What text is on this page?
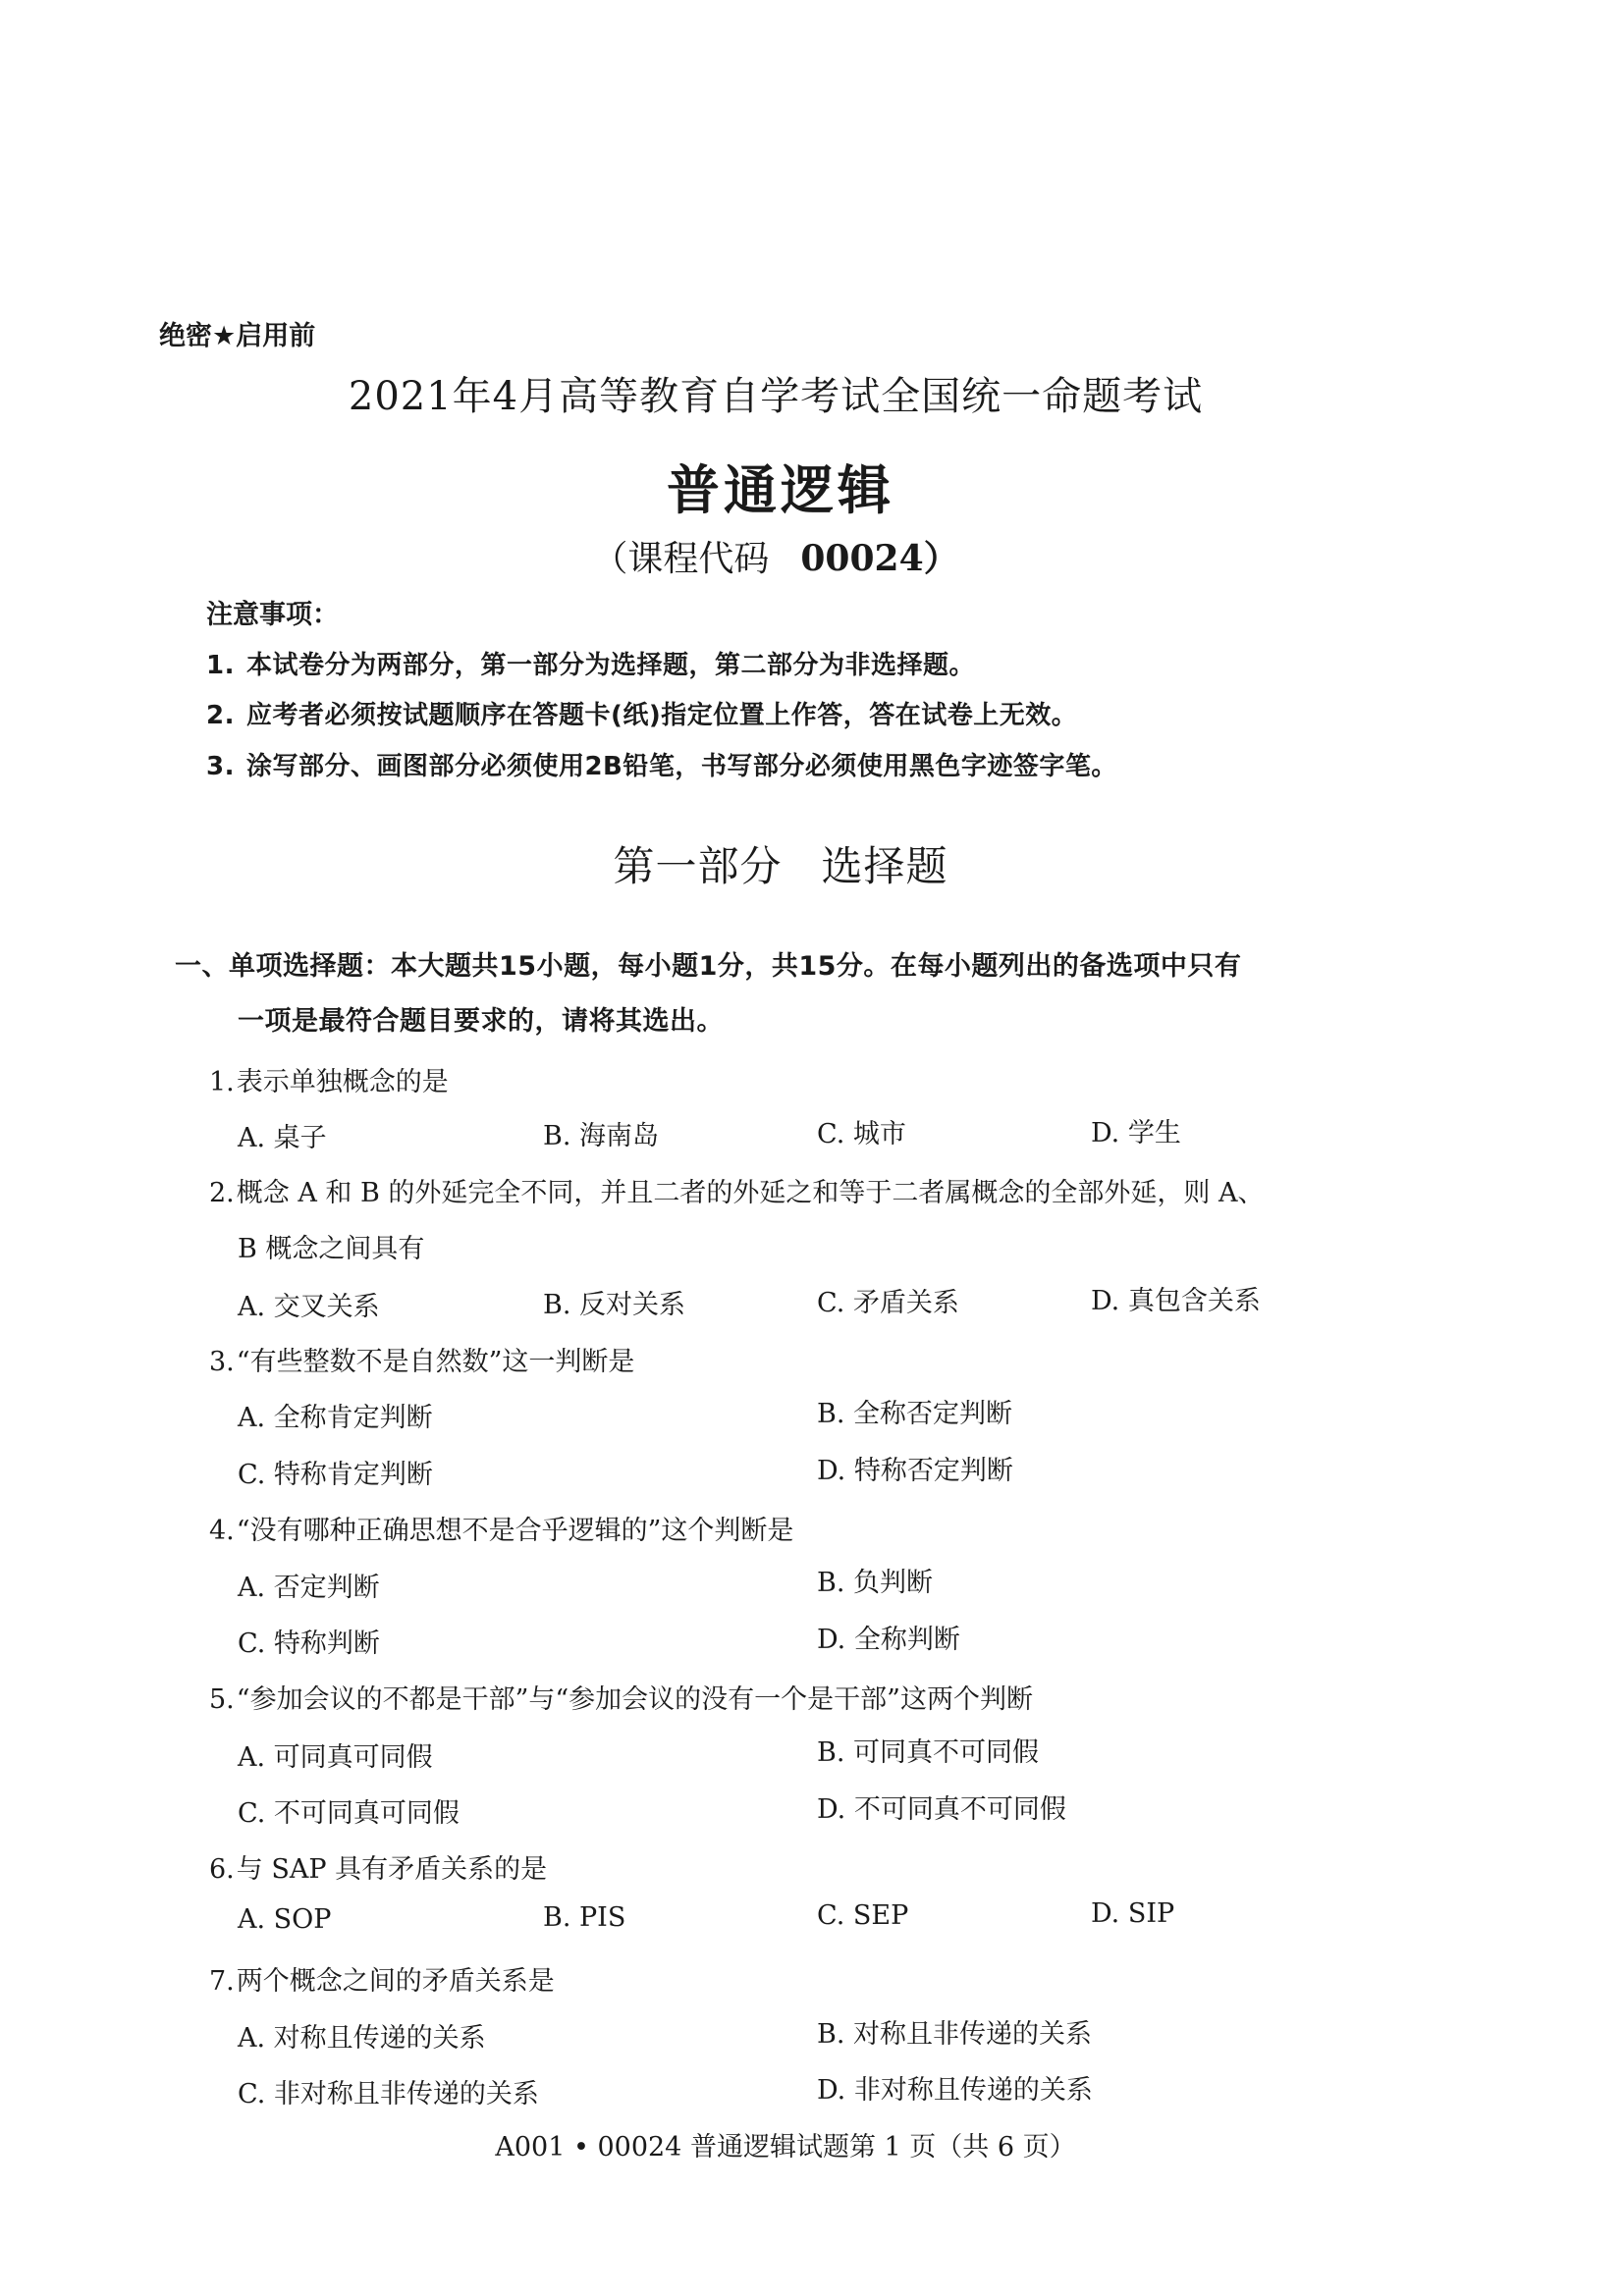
绝密★启用前
2021年4月高等教育自学考试全国统一命题考试
普通逻辑
（课程代码 00024）
注意事项：
1. 本试卷分为两部分，第一部分为选择题，第二部分为非选择题。
2. 应考者必须按试题顺序在答题卡(纸)指定位置上作答，答在试卷上无效。
3. 涂写部分、画图部分必须使用2B铅笔，书写部分必须使用黑色字迹签字笔。
第一部分 选择题
一、单项选择题：本大题共15小题，每小题1分，共15分。在每小题列出的备选项中只有
一项是最符合题目要求的，请将其选出。
1.表示单独概念的是
A. 桌子	B. 海南岛	C. 城市	D. 学生
2.概念 A 和 B 的外延完全不同，并且二者的外延之和等于二者属概念的全部外延，则 A、
B 概念之间具有
A. 交叉关系	B. 反对关系	C. 矛盾关系	D. 真包含关系
3.“有些整数不是自然数”这一判断是
A. 全称肯定判断	B. 全称否定判断
C. 特称肯定判断	D. 特称否定判断
4.“没有哪种正确思想不是合乎逻辑的”这个判断是
A. 否定判断	B. 负判断
C. 特称判断	D. 全称判断
5.“参加会议的不都是干部”与“参加会议的没有一个是干部”这两个判断
A. 可同真可同假	B. 可同真不可同假
C. 不可同真可同假	D. 不可同真不可同假
6.与 SAP 具有矛盾关系的是
A. SOP	B. PIS	C. SEP	D. SIP
7.两个概念之间的矛盾关系是
A. 对称且传递的关系	B. 对称且非传递的关系
C. 非对称且非传递的关系	D. 非对称且传递的关系
A001 • 00024 普通逻辑试题第 1 页（共 6 页）
